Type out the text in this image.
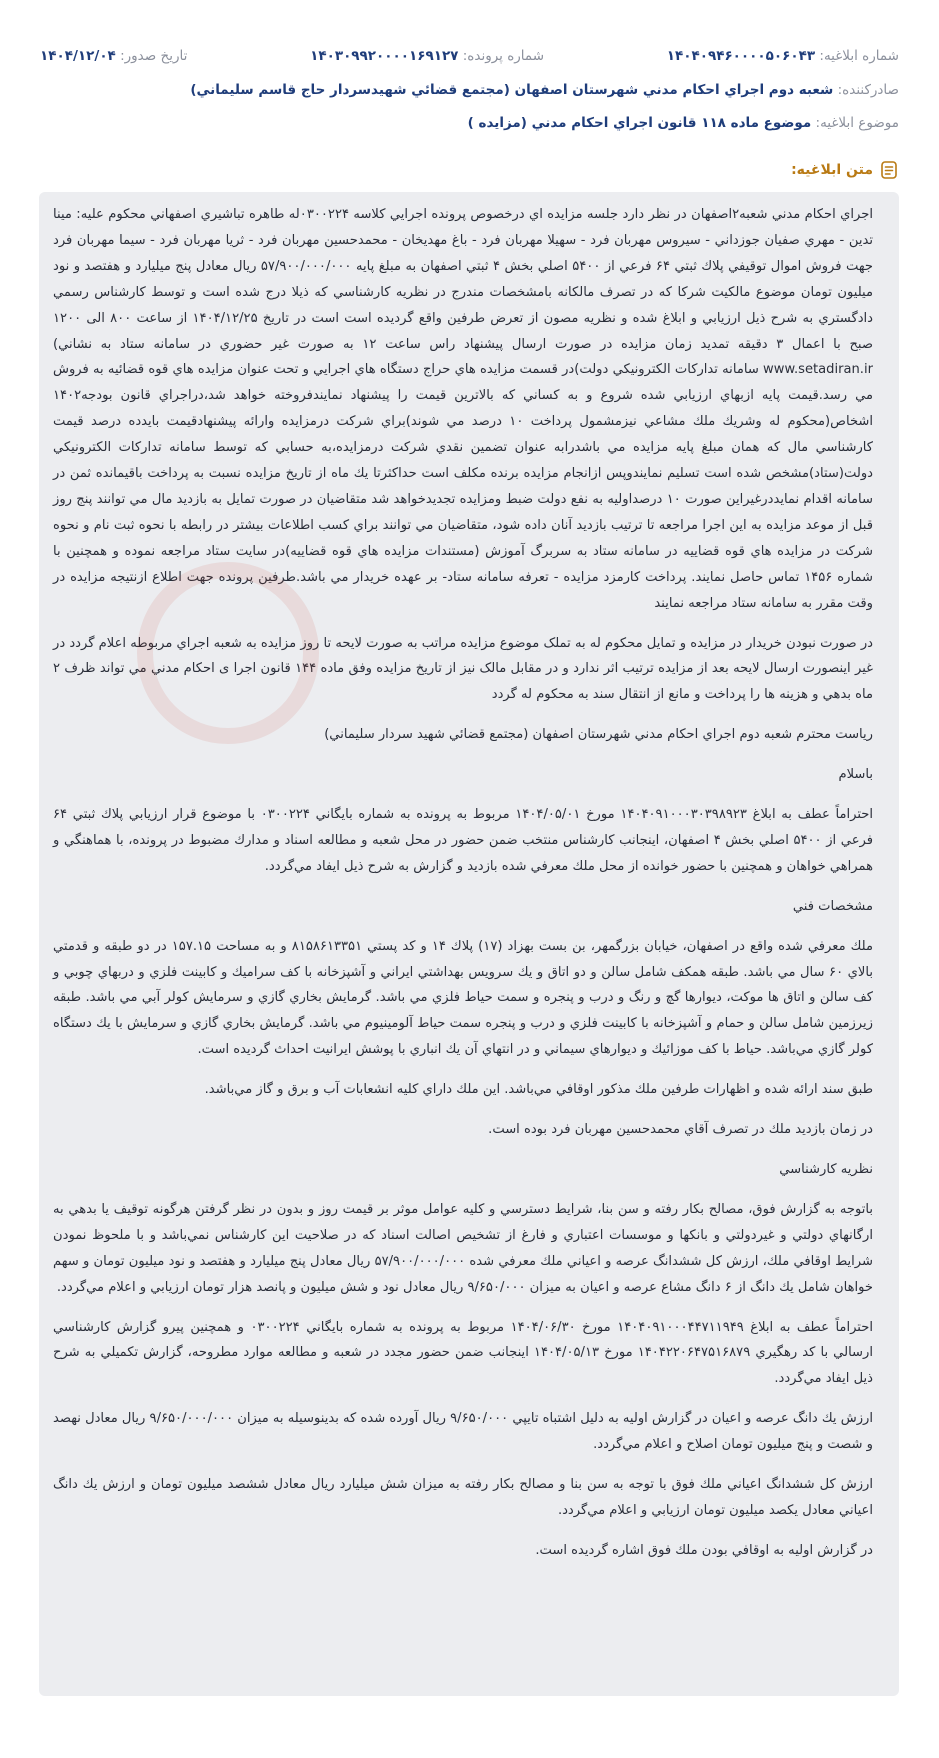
شماره ابلاغيه: ۱۴۰۴۰۹۴۶۰۰۰۰۵۰۶۰۴۳
شماره پرونده: ۱۴۰۳۰۹۹۲۰۰۰۰۱۶۹۱۲۷
تاريخ صدور: ۱۴۰۴/۱۲/۰۴
صادرکننده: شعبه دوم اجراي احكام مدني شهرستان اصفهان (مجتمع قضائي شهيدسردار حاج قاسم سليماني)
موضوع ابلاغيه: موضوع ماده ۱۱۸ قانون اجراي احکام مدني (مزايده )
متن ابلاغيه:

اجراي احكام مدني شعبه۲اصفهان در نظر دارد جلسه مزايده اي درخصوص پرونده اجرايي كلاسه ۰۳۰۰۲۲۴له طاهره تباشيري اصفهاني محكوم عليه: مينا تدين - مهري صفيان جوزداني - سيروس مهربان فرد - سهيلا مهربان فرد - باغ مهديخان - محمدحسين مهربان فرد - ثريا مهربان فرد - سيما مهربان فرد جهت فروش اموال توقيفي پلاك ثبتي ۶۴ فرعي از ۵۴۰۰ اصلي بخش ۴ ثبتي اصفهان به مبلغ پايه ۵۷/۹۰۰/۰۰۰/۰۰۰ ريال معادل پنج ميلیارد و هفتصد و نود ميليون تومان موضوع مالكيت شركا كه در تصرف مالكانه بامشخصات مندرج در نظريه كارشناسي كه ذيلا درج شده است و توسط كارشناس رسمي دادگستري به شرح ذيل ارزيابي و ابلاغ شده و نظريه مصون از تعرض طرفين واقع گرديده است است در تاريخ ۱۴۰۴/۱۲/۲۵ از ساعت ۸۰۰ الی ۱۲۰۰ صبح با اعمال ۳ دقيقه تمديد زمان مزايده در صورت ارسال پيشنهاد راس ساعت ۱۲ به صورت غير حضوري در سامانه ستاد به نشاني) www.setadiran.ir سامانه تداركات الكترونيكي دولت)در قسمت مزايده هاي حراج دستگاه هاي اجرايي و تحت عنوان مزايده هاي قوه قضائيه به فروش مي رسد.قيمت پايه ازبهاي ارزيابي شده شروع و به كساني كه بالاترين قيمت را پيشنهاد نمايندفروخته خواهد شد،دراجراي قانون بودجه۱۴۰۲ اشخاص(محكوم له وشريك ملك مشاعي نيزمشمول پرداخت ۱۰ درصد مي شوند)براي شركت درمزايده وارائه پيشنهادقيمت بايدده درصد قيمت كارشناسي مال كه همان مبلغ پايه مزايده مي باشدرابه عنوان تضمين نقدي شركت درمزايده،به حسابي كه توسط سامانه تداركات الكترونيكي دولت(ستاد)مشخص شده است تسليم نمايندوپس ازانجام مزايده برنده مكلف است حداكثرتا يك ماه از تاريخ مزايده نسبت به پرداخت باقيمانده ثمن در سامانه اقدام نمايددرغيراين صورت ۱۰ درصداوليه به نفع دولت ضبط ومزايده تجديدخواهد شد متقاضيان در صورت تمايل به بازديد مال مي توانند پنج روز قبل از موعد مزايده به اين اجرا مراجعه تا ترتيب بازديد آنان داده شود، متقاضيان مي توانند براي كسب اطلاعات بيشتر در رابطه با نحوه ثبت نام و نحوه شركت در مزايده هاي قوه قضاييه در سامانه ستاد به سربرگ آموزش (مستندات مزايده هاي قوه قضاييه)در سايت ستاد مراجعه نموده و همچنين با شماره ۱۴۵۶ تماس حاصل نمايند. پرداخت كارمزد مزايده - تعرفه سامانه ستاد- بر عهده خريدار مي باشد.طرفين پرونده جهت اطلاع ازنتيجه مزايده در وقت مقرر به سامانه ستاد مراجعه نمايند

در صورت نبودن خريدار در مزايده و تمايل محكوم له به تملک موضوع مزايده مراتب به صورت لايحه تا روز مزايده به شعبه اجراي مربوطه اعلام گردد در غير اينصورت ارسال لايحه بعد از مزايده ترتيب اثر ندارد و در مقابل مالک نيز از تاريخ مزايده وفق ماده ۱۴۴ قانون اجرا ی احكام مدني مي تواند ظرف ۲ ماه بدهي و هزينه ها را پرداخت و مانع از انتقال سند به محکوم له گردد

رياست محترم شعبه دوم اجراي احكام مدني شهرستان اصفهان (مجتمع قضائي شهيد سردار سليماني)

باسلام

احتراماً عطف به ابلاغ ۱۴۰۴۰۹۱۰۰۰۳۰۳۹۸۹۲۳ مورخ ۱۴۰۴/۰۵/۰۱ مربوط به پرونده به شماره بايگاني ۰۳۰۰۲۲۴ با موضوع قرار ارزيابي پلاك ثبتي ۶۴ فرعي از ۵۴۰۰ اصلي بخش ۴ اصفهان، اينجانب كارشناس منتخب ضمن حضور در محل شعبه و مطالعه اسناد و مدارك مضبوط در پرونده، با هماهنگي و همراهي خواهان و همچنين با حضور خوانده از محل ملك معرفي شده بازديد و گزارش به شرح ذيل ايفاد مي‌گردد.

مشخصات فني

ملك معرفي شده واقع در اصفهان، خيابان بزرگمهر، بن بست بهزاد (۱۷) پلاك ۱۴ و كد پستي ۸۱۵۸۶۱۳۳۵۱ و به مساحت ۱۵۷.۱۵ در دو طبقه و قدمتي بالاي ۶۰ سال مي باشد. طبقه همكف شامل سالن و دو اتاق و يك سرويس بهداشتي ايراني و آشپزخانه با كف سراميك و كابينت فلزي و دربهاي چوبي و كف سالن و اتاق ها موكت، ديوارها گچ و رنگ و درب و پنجره و سمت حياط فلزي مي باشد. گرمايش بخاري گازي و سرمايش كولر آبي مي باشد. طبقه زيرزمين شامل سالن و حمام و آشپزخانه با كابينت فلزي و درب و پنجره سمت حياط آلومينيوم مي باشد. گرمايش بخاري گازي و سرمايش با يك دستگاه كولر گازي مي‌باشد. حياط با كف موزائيك و ديوارهاي سيماني و در انتهاي آن يك انباري با پوشش ايرانيت احداث گرديده است.

طبق سند ارائه شده و اظهارات طرفين ملك مذكور اوقافي مي‌باشد. اين ملك داراي كليه انشعابات آب و برق و گاز مي‌باشد.

در زمان بازديد ملك در تصرف آقاي محمدحسين مهربان فرد بوده است.

نظريه كارشناسي

باتوجه به گزارش فوق، مصالح بكار رفته و سن بنا، شرايط دسترسي و كليه عوامل موثر بر قيمت روز و بدون در نظر گرفتن هرگونه توقيف يا بدهي به ارگانهاي دولتي و غيردولتي و بانكها و موسسات اعتباري و فارغ از تشخيص اصالت اسناد كه در صلاحيت اين كارشناس نمي‌باشد و با ملحوظ نمودن شرايط اوقافي ملك، ارزش كل ششدانگ عرصه و اعياني ملك معرفي شده ۵۷/۹۰۰/۰۰۰/۰۰۰ ريال معادل پنج ميليارد و هفتصد و نود ميليون تومان و سهم خواهان شامل يك دانگ از ۶ دانگ مشاع عرصه و اعيان به ميزان ۹/۶۵۰/۰۰۰ ريال معادل نود و شش ميليون و پانصد هزار تومان ارزيابي و اعلام مي‌گردد.

احتراماً عطف به ابلاغ ۱۴۰۴۰۹۱۰۰۰۴۴۷۱۱۹۴۹ مورخ ۱۴۰۴/۰۶/۳۰ مربوط به پرونده به شماره بايگاني ۰۳۰۰۲۲۴ و همچنين پيرو گزارش كارشناسي ارسالي با كد رهگيري ۱۴۰۴۲۲۰۶۴۷۵۱۶۸۷۹ مورخ ۱۴۰۴/۰۵/۱۳ اينجانب ضمن حضور مجدد در شعبه و مطالعه موارد مطروحه، گزارش تكميلي به شرح ذيل ايفاد مي‌گردد.

ارزش يك دانگ عرصه و اعيان در گزارش اوليه به دليل اشتباه تايپي ۹/۶۵۰/۰۰۰ ريال آورده شده كه بدينوسيله به ميزان ۹/۶۵۰/۰۰۰/۰۰۰ ريال معادل نهصد و شصت و پنج ميليون تومان اصلاح و اعلام مي‌گردد.

ارزش كل ششدانگ اعياني ملك فوق با توجه به سن بنا و مصالح بكار رفته به ميزان شش ميليارد ريال معادل ششصد ميليون تومان و ارزش يك دانگ اعياني معادل يكصد ميليون تومان ارزيابي و اعلام مي‌گردد.

در گزارش اوليه به اوقافي بودن ملك فوق اشاره گرديده است.
